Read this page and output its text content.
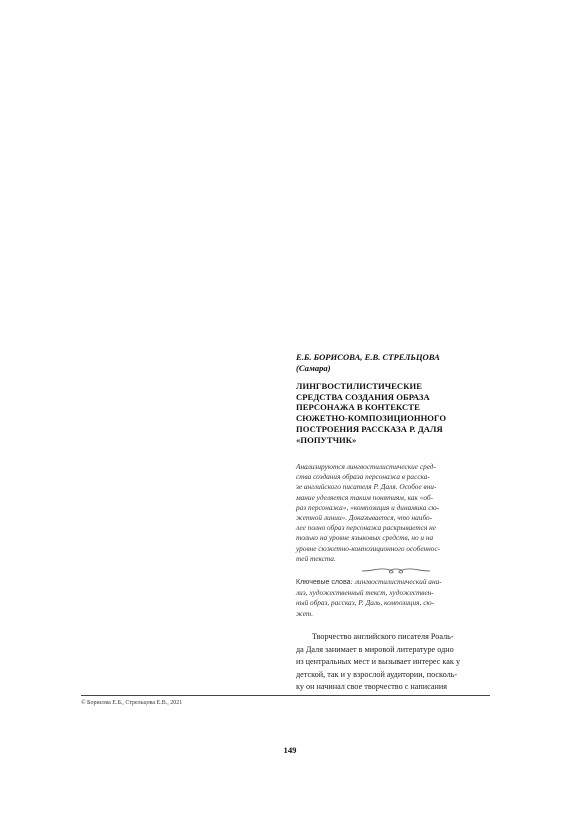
Е.Б. БОРИСОВА, Е.В. СТРЕЛЬЦОВА
(Самара)
ЛИНГВОСТИЛИСТИЧЕСКИЕ
СРЕДСТВА СОЗДАНИЯ ОБРАЗА
ПЕРСОНАЖА В КОНТЕКСТЕ
СЮЖЕТНО-КОМПОЗИЦИОННОГО
ПОСТРОЕНИЯ РАССКАЗА Р. ДАЛЯ
«ПОПУТЧИК»
Анализируются лингвостилистические сред-
ства создания образа персонажа в расска-
зе английского писателя Р. Даля. Особое вни-
мание уделяется таким понятиям, как «об-
раз персонажа», «композиция и динамика сю-
жетной линии». Доказывается, что наибо-
лее полно образ персонажа раскрывается не
только на уровне языковых средств, но и на
уровне сюжетно-композиционного особеннос-
тей текста.
Ключевые слова: лингвостилистический ана-
лиз, художественный текст, художествен-
ный образ, рассказ, Р. Даль, композиция, сю-
жет.
Творчество английского писателя Роаль-
да Даля занимает в мировой литературе одно
из центральных мест и вызывает интерес как у
детской, так и у взрослой аудитории, посколь-
ку он начинал свое творчество с написания
© Борисова Е.Б., Стрельцова Е.В., 2021
149
